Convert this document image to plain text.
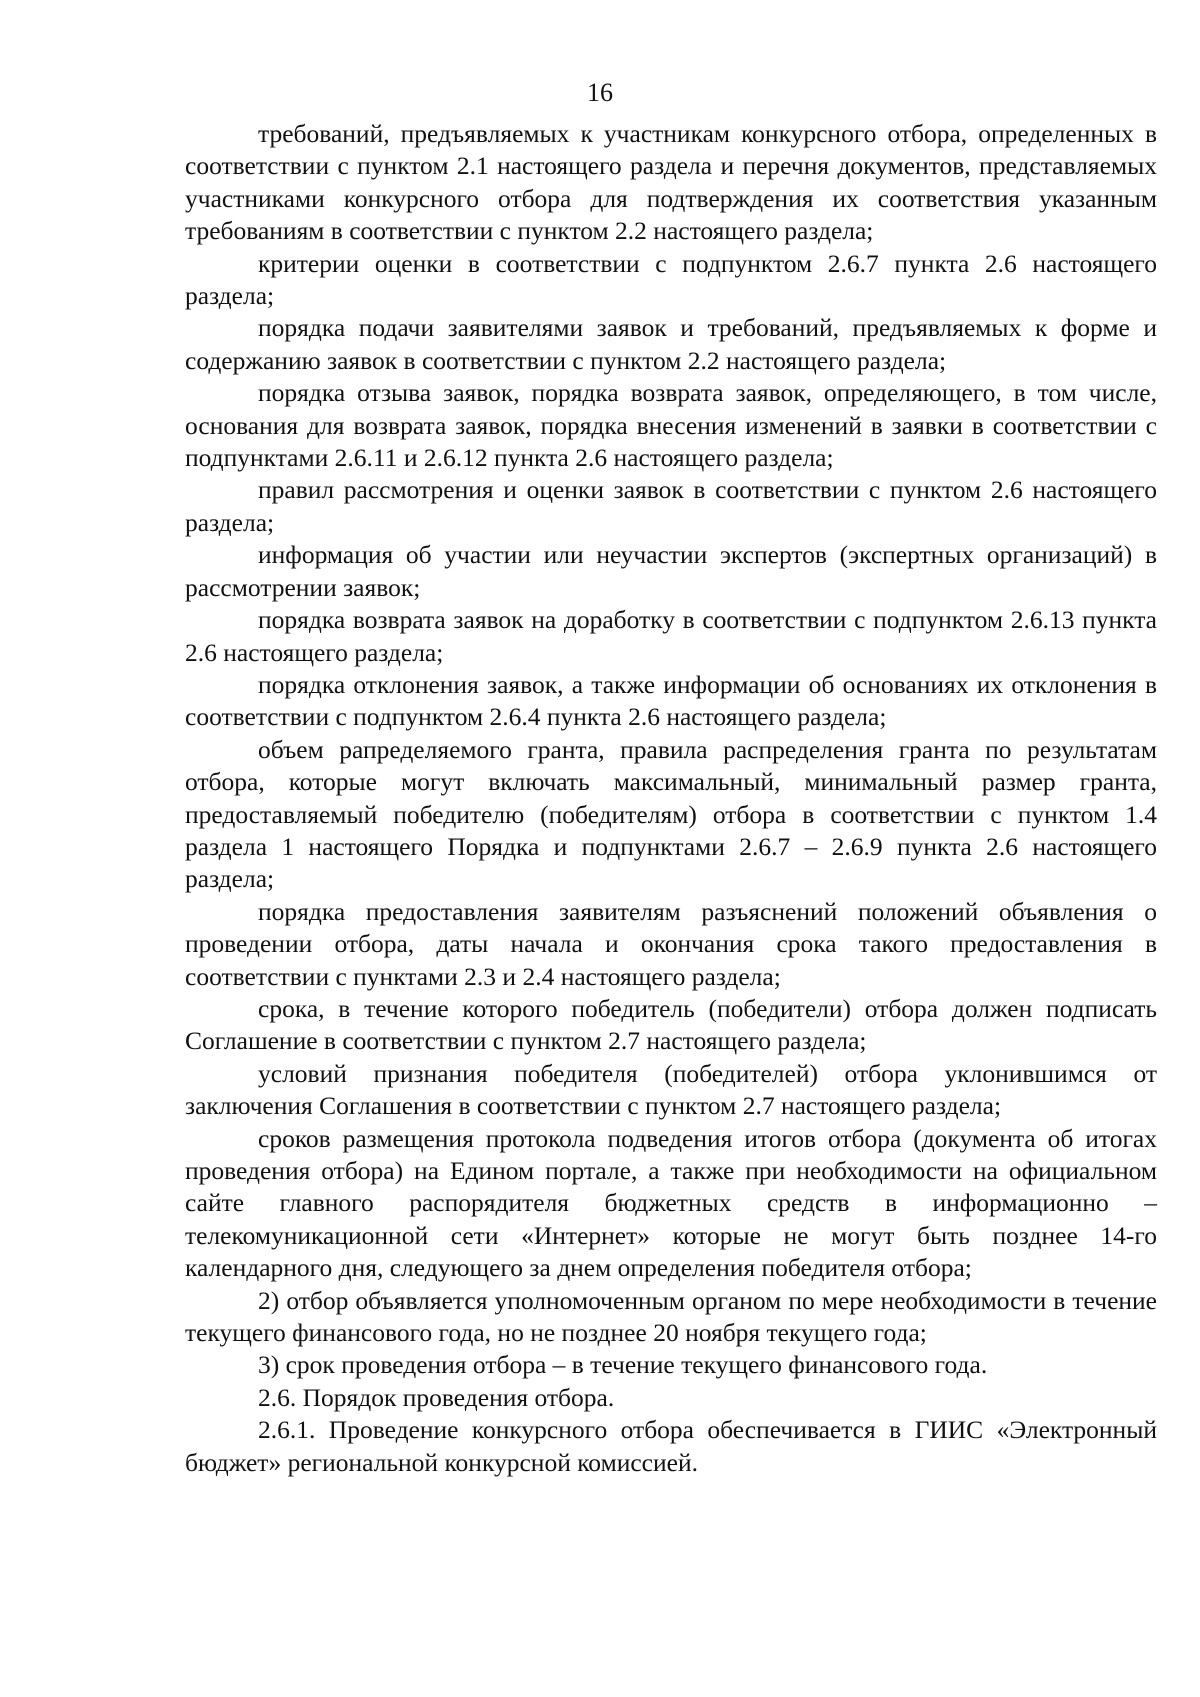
16

требований, предъявляемых к участникам конкурсного отбора, определенных в соответствии с пунктом 2.1 настоящего раздела и перечня документов, представляемых участниками конкурсного отбора для подтверждения их соответствия указанным требованиям в соответствии с пунктом 2.2 настоящего раздела;

критерии оценки в соответствии с подпунктом 2.6.7 пункта 2.6 настоящего раздела;

порядка подачи заявителями заявок и требований, предъявляемых к форме и содержанию заявок в соответствии с пунктом 2.2 настоящего раздела;

порядка отзыва заявок, порядка возврата заявок, определяющего, в том числе, основания для возврата заявок, порядка внесения изменений в заявки в соответствии с подпунктами 2.6.11 и 2.6.12 пункта 2.6 настоящего раздела;

правил рассмотрения и оценки заявок в соответствии с пунктом 2.6 настоящего раздела;

информация об участии или неучастии экспертов (экспертных организаций) в рассмотрении заявок;

порядка возврата заявок на доработку в соответствии с подпунктом 2.6.13 пункта 2.6 настоящего раздела;

порядка отклонения заявок, а также информации об основаниях их отклонения в соответствии с подпунктом 2.6.4 пункта 2.6 настоящего раздела;

объем рапределяемого гранта, правила распределения гранта по результатам отбора, которые могут включать максимальный, минимальный размер гранта, предоставляемый победителю (победителям) отбора в соответствии с пунктом 1.4 раздела 1 настоящего Порядка и подпунктами 2.6.7 – 2.6.9 пункта 2.6 настоящего раздела;

порядка предоставления заявителям разъяснений положений объявления о проведении отбора, даты начала и окончания срока такого предоставления в соответствии с пунктами 2.3 и 2.4 настоящего раздела;

срока, в течение которого победитель (победители) отбора должен подписать Соглашение в соответствии с пунктом 2.7 настоящего раздела;

условий признания победителя (победителей) отбора уклонившимся от заключения Соглашения в соответствии с пунктом 2.7 настоящего раздела;

сроков размещения протокола подведения итогов отбора (документа об итогах проведения отбора) на Едином портале, а также при необходимости на официальном сайте главного распорядителя бюджетных средств в информационно – телекомуникационной сети «Интернет» которые не могут быть позднее 14-го календарного дня, следующего за днем определения победителя отбора;

2) отбор объявляется уполномоченным органом по мере необходимости в течение текущего финансового года, но не позднее 20 ноября текущего года;

3) срок проведения отбора – в течение текущего финансового года.

2.6. Порядок проведения отбора.

2.6.1. Проведение конкурсного отбора обеспечивается в ГИИС «Электронный бюджет» региональной конкурсной комиссией.
